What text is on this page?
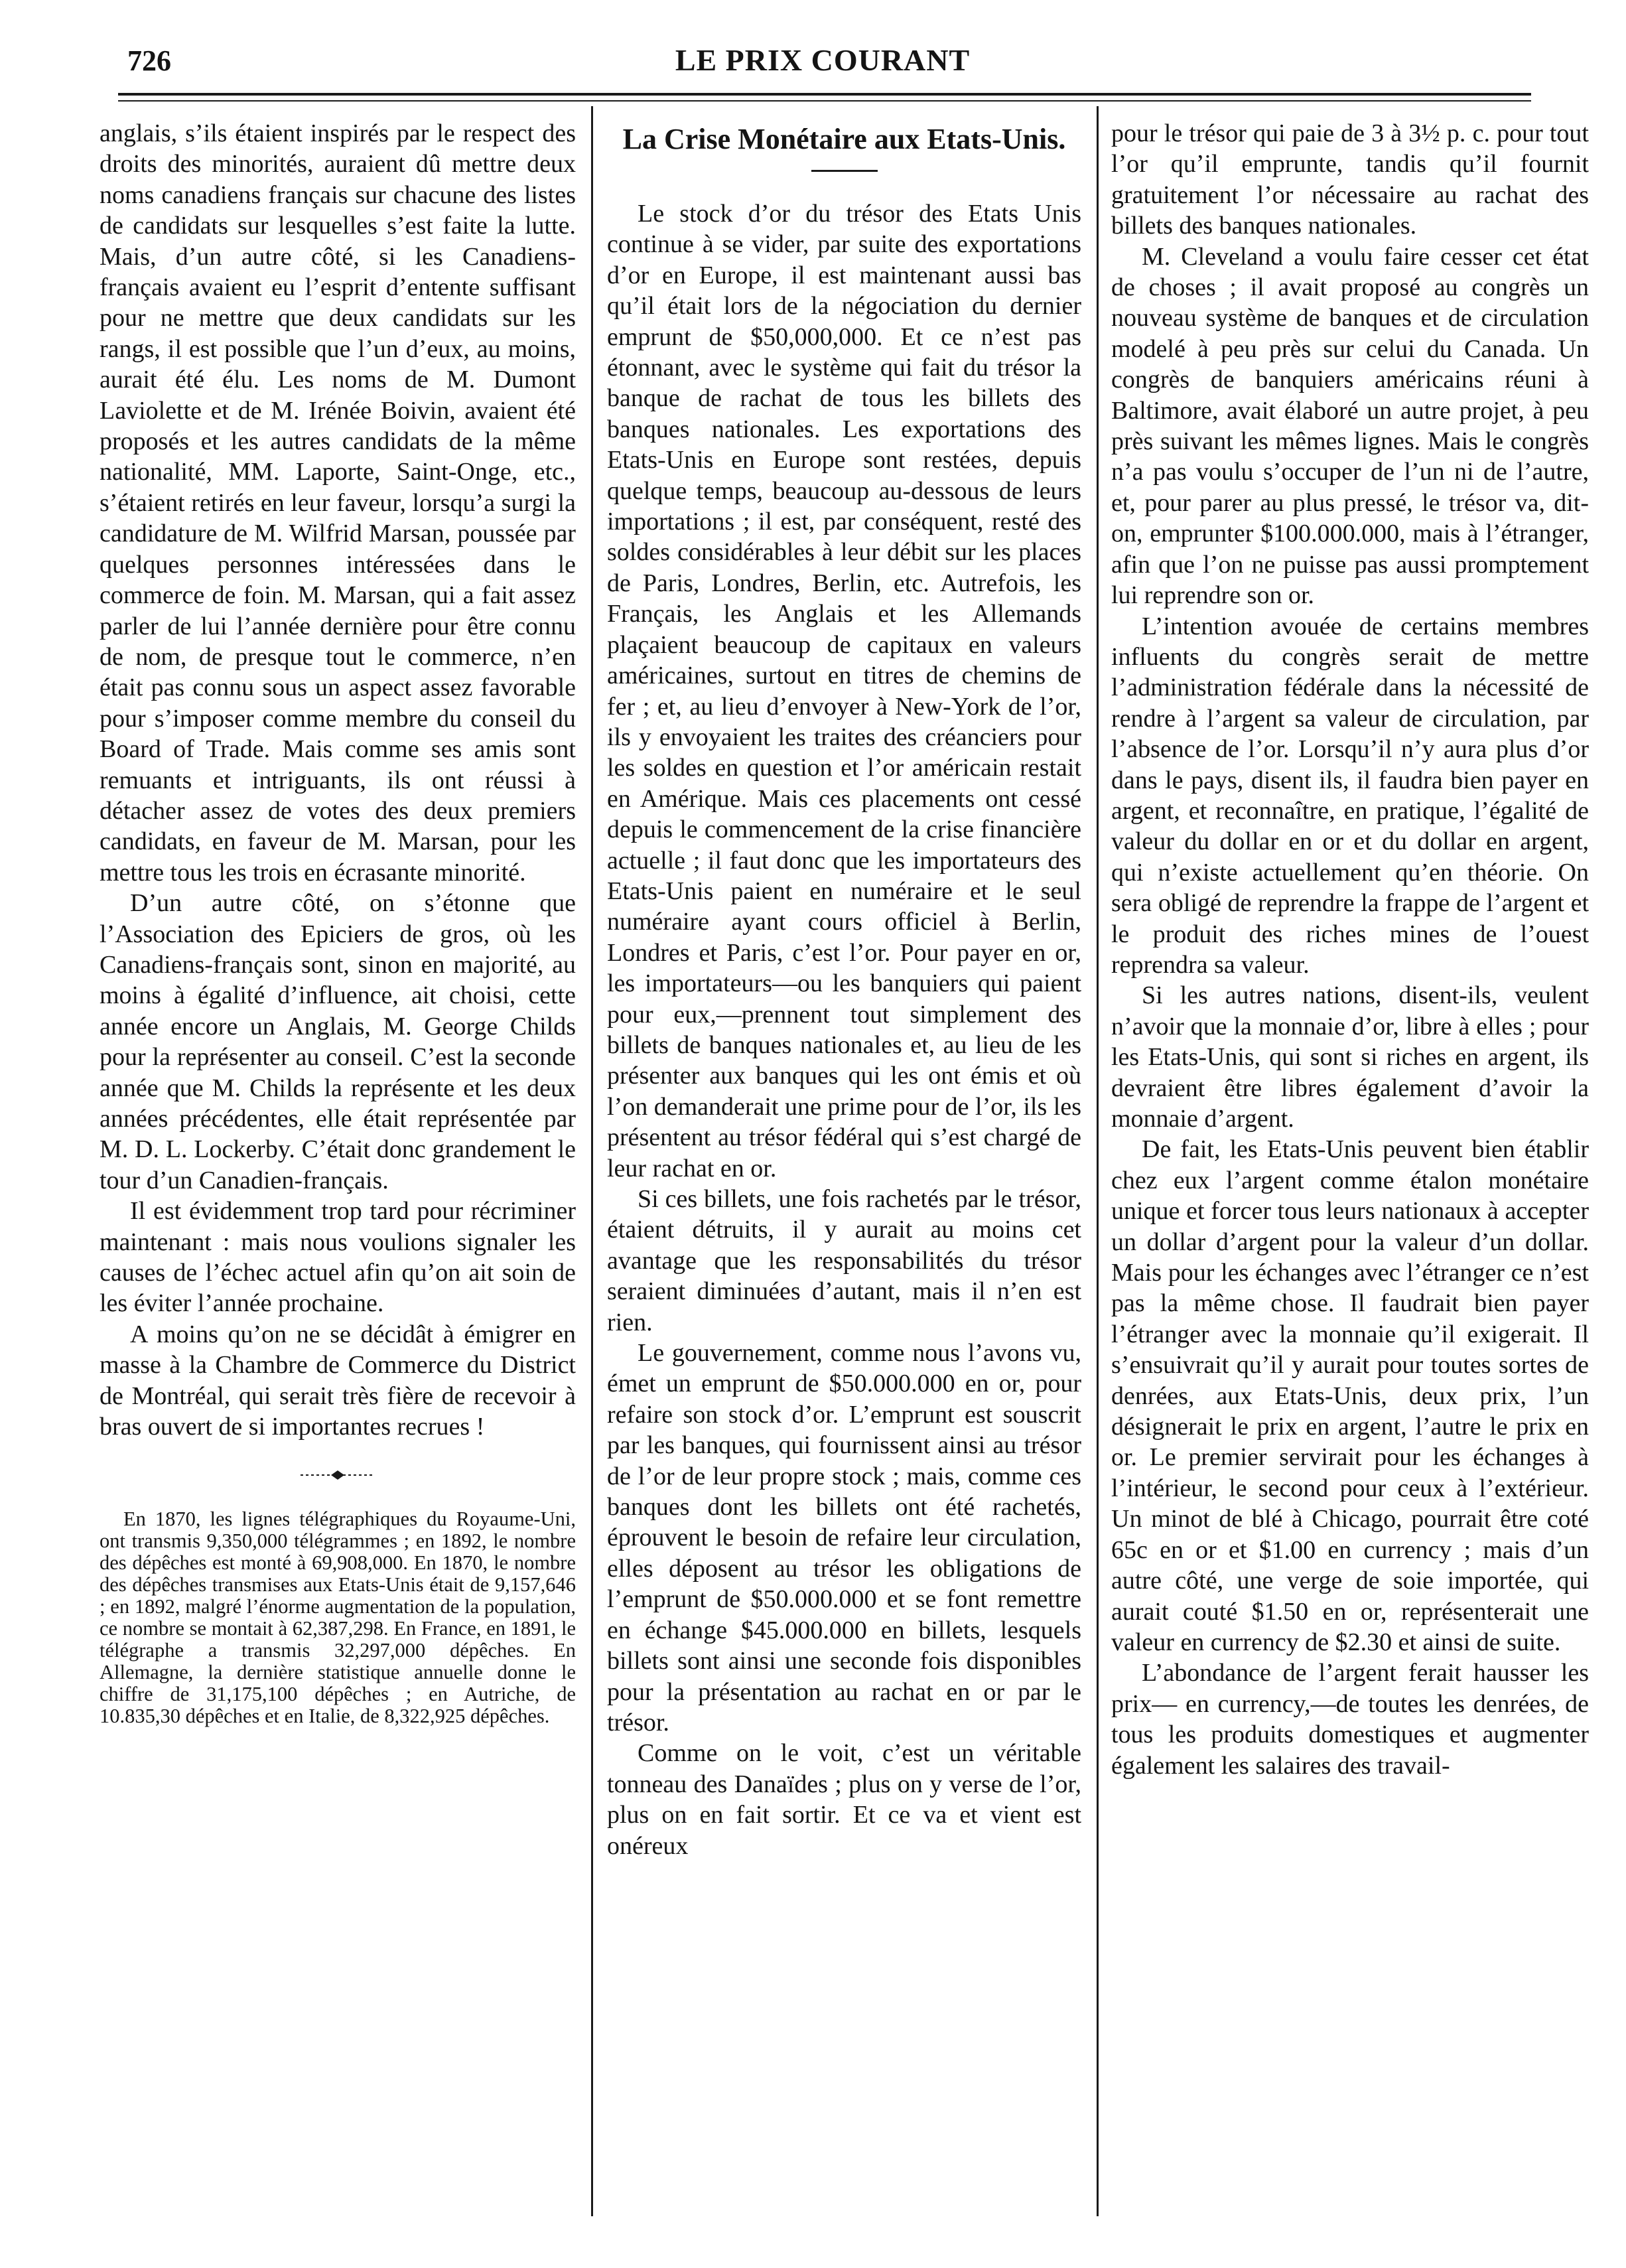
726	LE PRIX COURANT

anglais, s’ils étaient inspirés par le respect des droits des minorités, auraient dû mettre deux noms canadiens français sur chacune des listes de candidats sur lesquelles s’est faite la lutte. Mais, d’un autre côté, si les Canadiens-français avaient eu l’esprit d’entente suffisant pour ne mettre que deux candidats sur les rangs, il est possible que l’un d’eux, au moins, aurait été élu. Les noms de M. Dumont Laviolette et de M. Irénée Boivin, avaient été proposés et les autres candidats de la même nationalité, MM. Laporte, Saint-Onge, etc., s’étaient retirés en leur faveur, lorsqu’a surgi la candidature de M. Wilfrid Marsan, poussée par quelques personnes intéressées dans le commerce de foin. M. Marsan, qui a fait assez parler de lui l’année dernière pour être connu de nom, de presque tout le commerce, n’en était pas connu sous un aspect assez favorable pour s’imposer comme membre du conseil du Board of Trade. Mais comme ses amis sont remuants et intriguants, ils ont réussi à détacher assez de votes des deux premiers candidats, en faveur de M. Marsan, pour les mettre tous les trois en écrasante minorité.

D’un autre côté, on s’étonne que l’Association des Epiciers de gros, où les Canadiens-français sont, sinon en majorité, au moins à égalité d’influence, ait choisi, cette année encore un Anglais, M. George Childs pour la représenter au conseil. C’est la seconde année que M. Childs la représente et les deux années précédentes, elle était représentée par M. D. L. Lockerby. C’était donc grandement le tour d’un Canadien-français.

Il est évidemment trop tard pour récriminer maintenant : mais nous voulions signaler les causes de l’échec actuel afin qu’on ait soin de les éviter l’année prochaine.

A moins qu’on ne se décidât à émigrer en masse à la Chambre de Commerce du District de Montréal, qui serait très fière de recevoir à bras ouvert de si importantes recrues !

En 1870, les lignes télégraphiques du Royaume-Uni, ont transmis 9,350,000 télégrammes ; en 1892, le nombre des dépêches est monté à 69,908,000. En 1870, le nombre des dépêches transmises aux Etats-Unis était de 9,157,646 ; en 1892, malgré l’énorme augmentation de la population, ce nombre se montait à 62,387,298. En France, en 1891, le télégraphe a transmis 32,297,000 dépêches. En Allemagne, la dernière statistique annuelle donne le chiffre de 31,175,100 dépêches ; en Autriche, de 10.835,30 dépêches et en Italie, de 8,322,925 dépêches.

La Crise Monétaire aux Etats-Unis.

Le stock d’or du trésor des Etats Unis continue à se vider, par suite des exportations d’or en Europe, il est maintenant aussi bas qu’il était lors de la négociation du dernier emprunt de $50,000,000. Et ce n’est pas étonnant, avec le système qui fait du trésor la banque de rachat de tous les billets des banques nationales. Les exportations des Etats-Unis en Europe sont restées, depuis quelque temps, beaucoup au-dessous de leurs importations ; il est, par conséquent, resté des soldes considérables à leur débit sur les places de Paris, Londres, Berlin, etc. Autrefois, les Français, les Anglais et les Allemands plaçaient beaucoup de capitaux en valeurs américaines, surtout en titres de chemins de fer ; et, au lieu d’envoyer à New-York de l’or, ils y envoyaient les traites des créanciers pour les soldes en question et l’or américain restait en Amérique. Mais ces placements ont cessé depuis le commencement de la crise financière actuelle ; il faut donc que les importateurs des Etats-Unis paient en numéraire et le seul numéraire ayant cours officiel à Berlin, Londres et Paris, c’est l’or. Pour payer en or, les importateurs—ou les banquiers qui paient pour eux,—prennent tout simplement des billets de banques nationales et, au lieu de les présenter aux banques qui les ont émis et où l’on demanderait une prime pour de l’or, ils les présentent au trésor fédéral qui s’est chargé de leur rachat en or.

Si ces billets, une fois rachetés par le trésor, étaient détruits, il y aurait au moins cet avantage que les responsabilités du trésor seraient diminuées d’autant, mais il n’en est rien.

Le gouvernement, comme nous l’avons vu, émet un emprunt de $50.000.000 en or, pour refaire son stock d’or. L’emprunt est souscrit par les banques, qui fournissent ainsi au trésor de l’or de leur propre stock ; mais, comme ces banques dont les billets ont été rachetés, éprouvent le besoin de refaire leur circulation, elles déposent au trésor les obligations de l’emprunt de $50.000.000 et se font remettre en échange $45.000.000 en billets, lesquels billets sont ainsi une seconde fois disponibles pour la présentation au rachat en or par le trésor.

Comme on le voit, c’est un véritable tonneau des Danaïdes ; plus on y verse de l’or, plus on en fait sortir. Et ce va et vient est onéreux

pour le trésor qui paie de 3 à 3½ p. c. pour tout l’or qu’il emprunte, tandis qu’il fournit gratuitement l’or nécessaire au rachat des billets des banques nationales.

M. Cleveland a voulu faire cesser cet état de choses ; il avait proposé au congrès un nouveau système de banques et de circulation modelé à peu près sur celui du Canada. Un congrès de banquiers américains réuni à Baltimore, avait élaboré un autre projet, à peu près suivant les mêmes lignes. Mais le congrès n’a pas voulu s’occuper de l’un ni de l’autre, et, pour parer au plus pressé, le trésor va, dit-on, emprunter $100.000.000, mais à l’étranger, afin que l’on ne puisse pas aussi promptement lui reprendre son or.

L’intention avouée de certains membres influents du congrès serait de mettre l’administration fédérale dans la nécessité de rendre à l’argent sa valeur de circulation, par l’absence de l’or. Lorsqu’il n’y aura plus d’or dans le pays, disent ils, il faudra bien payer en argent, et reconnaître, en pratique, l’égalité de valeur du dollar en or et du dollar en argent, qui n’existe actuellement qu’en théorie. On sera obligé de reprendre la frappe de l’argent et le produit des riches mines de l’ouest reprendra sa valeur.

Si les autres nations, disent-ils, veulent n’avoir que la monnaie d’or, libre à elles ; pour les Etats-Unis, qui sont si riches en argent, ils devraient être libres également d’avoir la monnaie d’argent.

De fait, les Etats-Unis peuvent bien établir chez eux l’argent comme étalon monétaire unique et forcer tous leurs nationaux à accepter un dollar d’argent pour la valeur d’un dollar. Mais pour les échanges avec l’étranger ce n’est pas la même chose. Il faudrait bien payer l’étranger avec la monnaie qu’il exigerait. Il s’ensuivrait qu’il y aurait pour toutes sortes de denrées, aux Etats-Unis, deux prix, l’un désignerait le prix en argent, l’autre le prix en or. Le premier servirait pour les échanges à l’intérieur, le second pour ceux à l’extérieur. Un minot de blé à Chicago, pourrait être coté 65c en or et $1.00 en currency ; mais d’un autre côté, une verge de soie importée, qui aurait couté $1.50 en or, représenterait une valeur en currency de $2.30 et ainsi de suite.

L’abondance de l’argent ferait hausser les prix— en currency,—de toutes les denrées, de tous les produits domestiques et augmenter également les salaires des travail-
